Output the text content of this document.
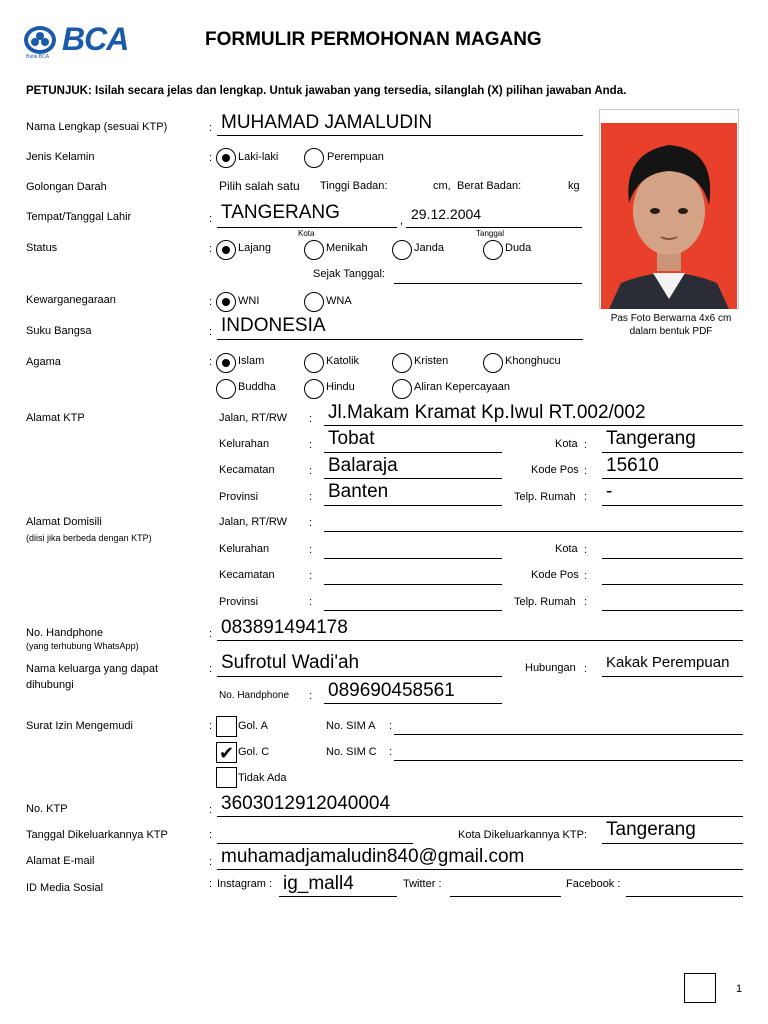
Bank BCA BCA	FORMULIR PERMOHONAN MAGANG
PETUNJUK: Isilah secara jelas dan lengkap. Untuk jawaban yang tersedia, silanglah (X) pilihan jawaban Anda.
Pas Foto Berwarna 4x6 cm
dalam bentuk PDF
Nama Lengkap (sesuai KTP)	: MUHAMAD JAMALUDIN
Jenis Kelamin	: Laki-laki	Perempuan
Golongan Darah	Pilih salah satu Tinggi Badan:	cm, Berat Badan:	kg
Tempat/Tanggal Lahir	: TANGERANG	, 29.12.2004
Kota	Tanggal
Status	: Lajang	Menikah	Janda	Duda
Sejak Tanggal:
Kewarganegaraan	: WNI	WNA
Suku Bangsa	: INDONESIA
Agama	: Islam	Katolik	Kristen	Khonghucu
Buddha	Hindu	Aliran Kepercayaan
Alamat KTP	Jalan, RT/RW : Jl.Makam Kramat Kp.Iwul RT.002/002
Kelurahan	: Tobat	Kota : Tangerang
Kecamatan	: Balaraja	Kode Pos : 15610
Provinsi	: Banten	Telp. Rumah : -
Alamat Domisili
(diisi jika berbeda dengan KTP)
Jalan, RT/RW :
Kelurahan	:	Kota :
Kecamatan	:	Kode Pos :
Provinsi	:	Telp. Rumah :
No. Handphone
(yang terhubung WhatsApp)
: 083891494178
Nama keluarga yang dapat
dihubungi
: Sufrotul Wadi'ah	Hubungan : Kakak Perempuan
No. Handphone : 089690458561
Surat Izin Mengemudi	: Gol. A	No. SIM A :
✔ Gol. C	No. SIM C :
Tidak Ada
No. KTP	: 3603012912040004
Tanggal Dikeluarkannya KTP	:	Kota Dikeluarkannya KTP: Tangerang
Alamat E-mail	: muhamadjamaludin840@gmail.com
ID Media Sosial	: Instagram : ig_mall4	Twitter :	Facebook :
1
